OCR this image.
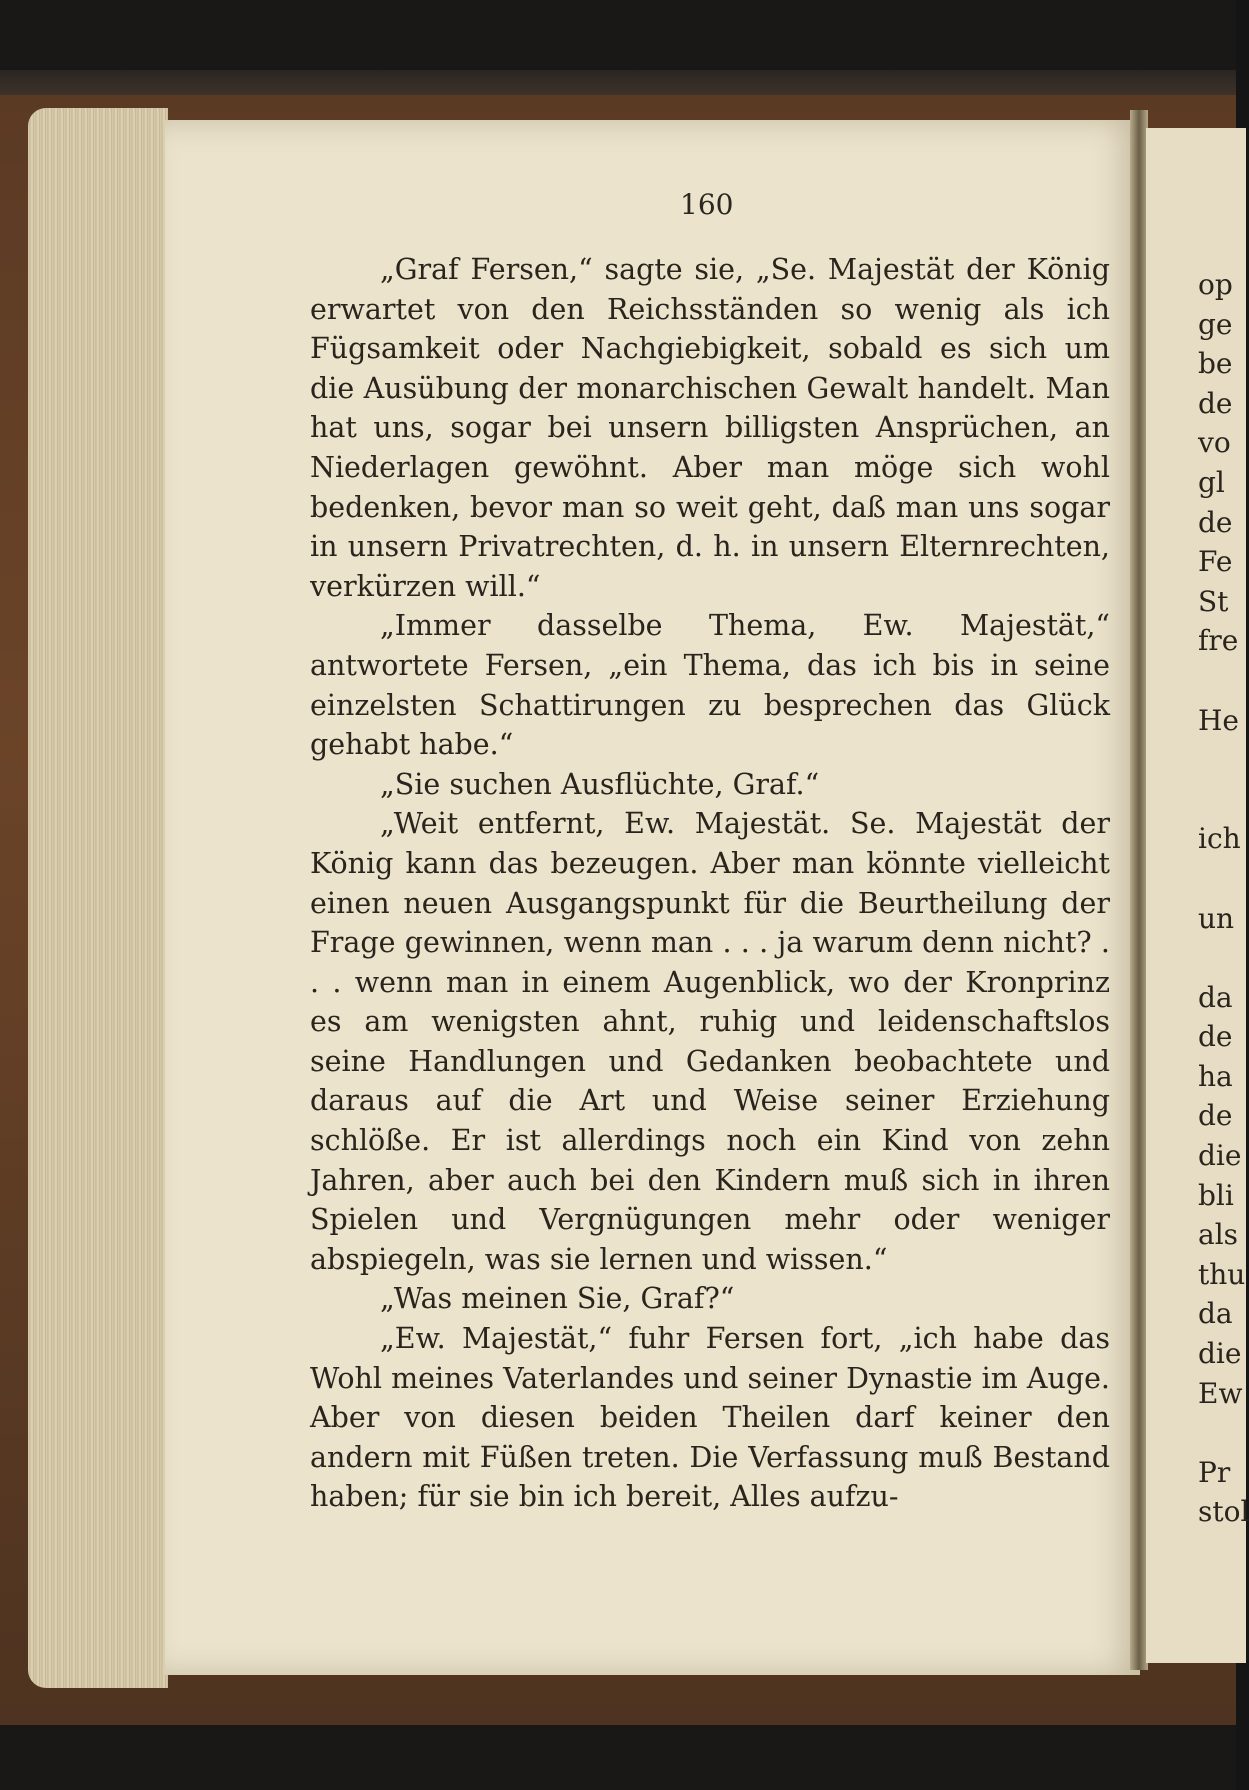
160

„Graf Fersen,“ sagte sie, „Se. Majestät der König erwartet von den Reichsständen so wenig als ich Fügsamkeit oder Nachgiebigkeit, sobald es sich um die Ausübung der monarchischen Gewalt handelt. Man hat uns, sogar bei unsern billigsten Ansprüchen, an Niederlagen gewöhnt. Aber man möge sich wohl bedenken, bevor man so weit geht, daß man uns sogar in unsern Privatrechten, d. h. in unsern Elternrechten, verkürzen will.“

„Immer dasselbe Thema, Ew. Majestät,“ antwortete Fersen, „ein Thema, das ich bis in seine einzelsten Schattirungen zu besprechen das Glück gehabt habe.“

„Sie suchen Ausflüchte, Graf.“

„Weit entfernt, Ew. Majestät. Se. Majestät der König kann das bezeugen. Aber man könnte vielleicht einen neuen Ausgangspunkt für die Beurtheilung der Frage gewinnen, wenn man . . . ja warum denn nicht? . . . wenn man in einem Augenblick, wo der Kronprinz es am wenigsten ahnt, ruhig und leidenschaftslos seine Handlungen und Gedanken beobachtete und daraus auf die Art und Weise seiner Erziehung schlöße. Er ist allerdings noch ein Kind von zehn Jahren, aber auch bei den Kindern muß sich in ihren Spielen und Vergnügungen mehr oder weniger abspiegeln, was sie lernen und wissen.“

„Was meinen Sie, Graf?“

„Ew. Majestät,“ fuhr Fersen fort, „ich habe das Wohl meines Vaterlandes und seiner Dynastie im Auge. Aber von diesen beiden Theilen darf keiner den andern mit Füßen treten. Die Verfassung muß Bestand haben; für sie bin ich bereit, Alles aufzu-

op
ge
be
de
vo
gl
de
Fe
St
fre
He
ich
un
da
de
ha
de
die
bli
als
thu
da
die
Ew
Pr
stol
